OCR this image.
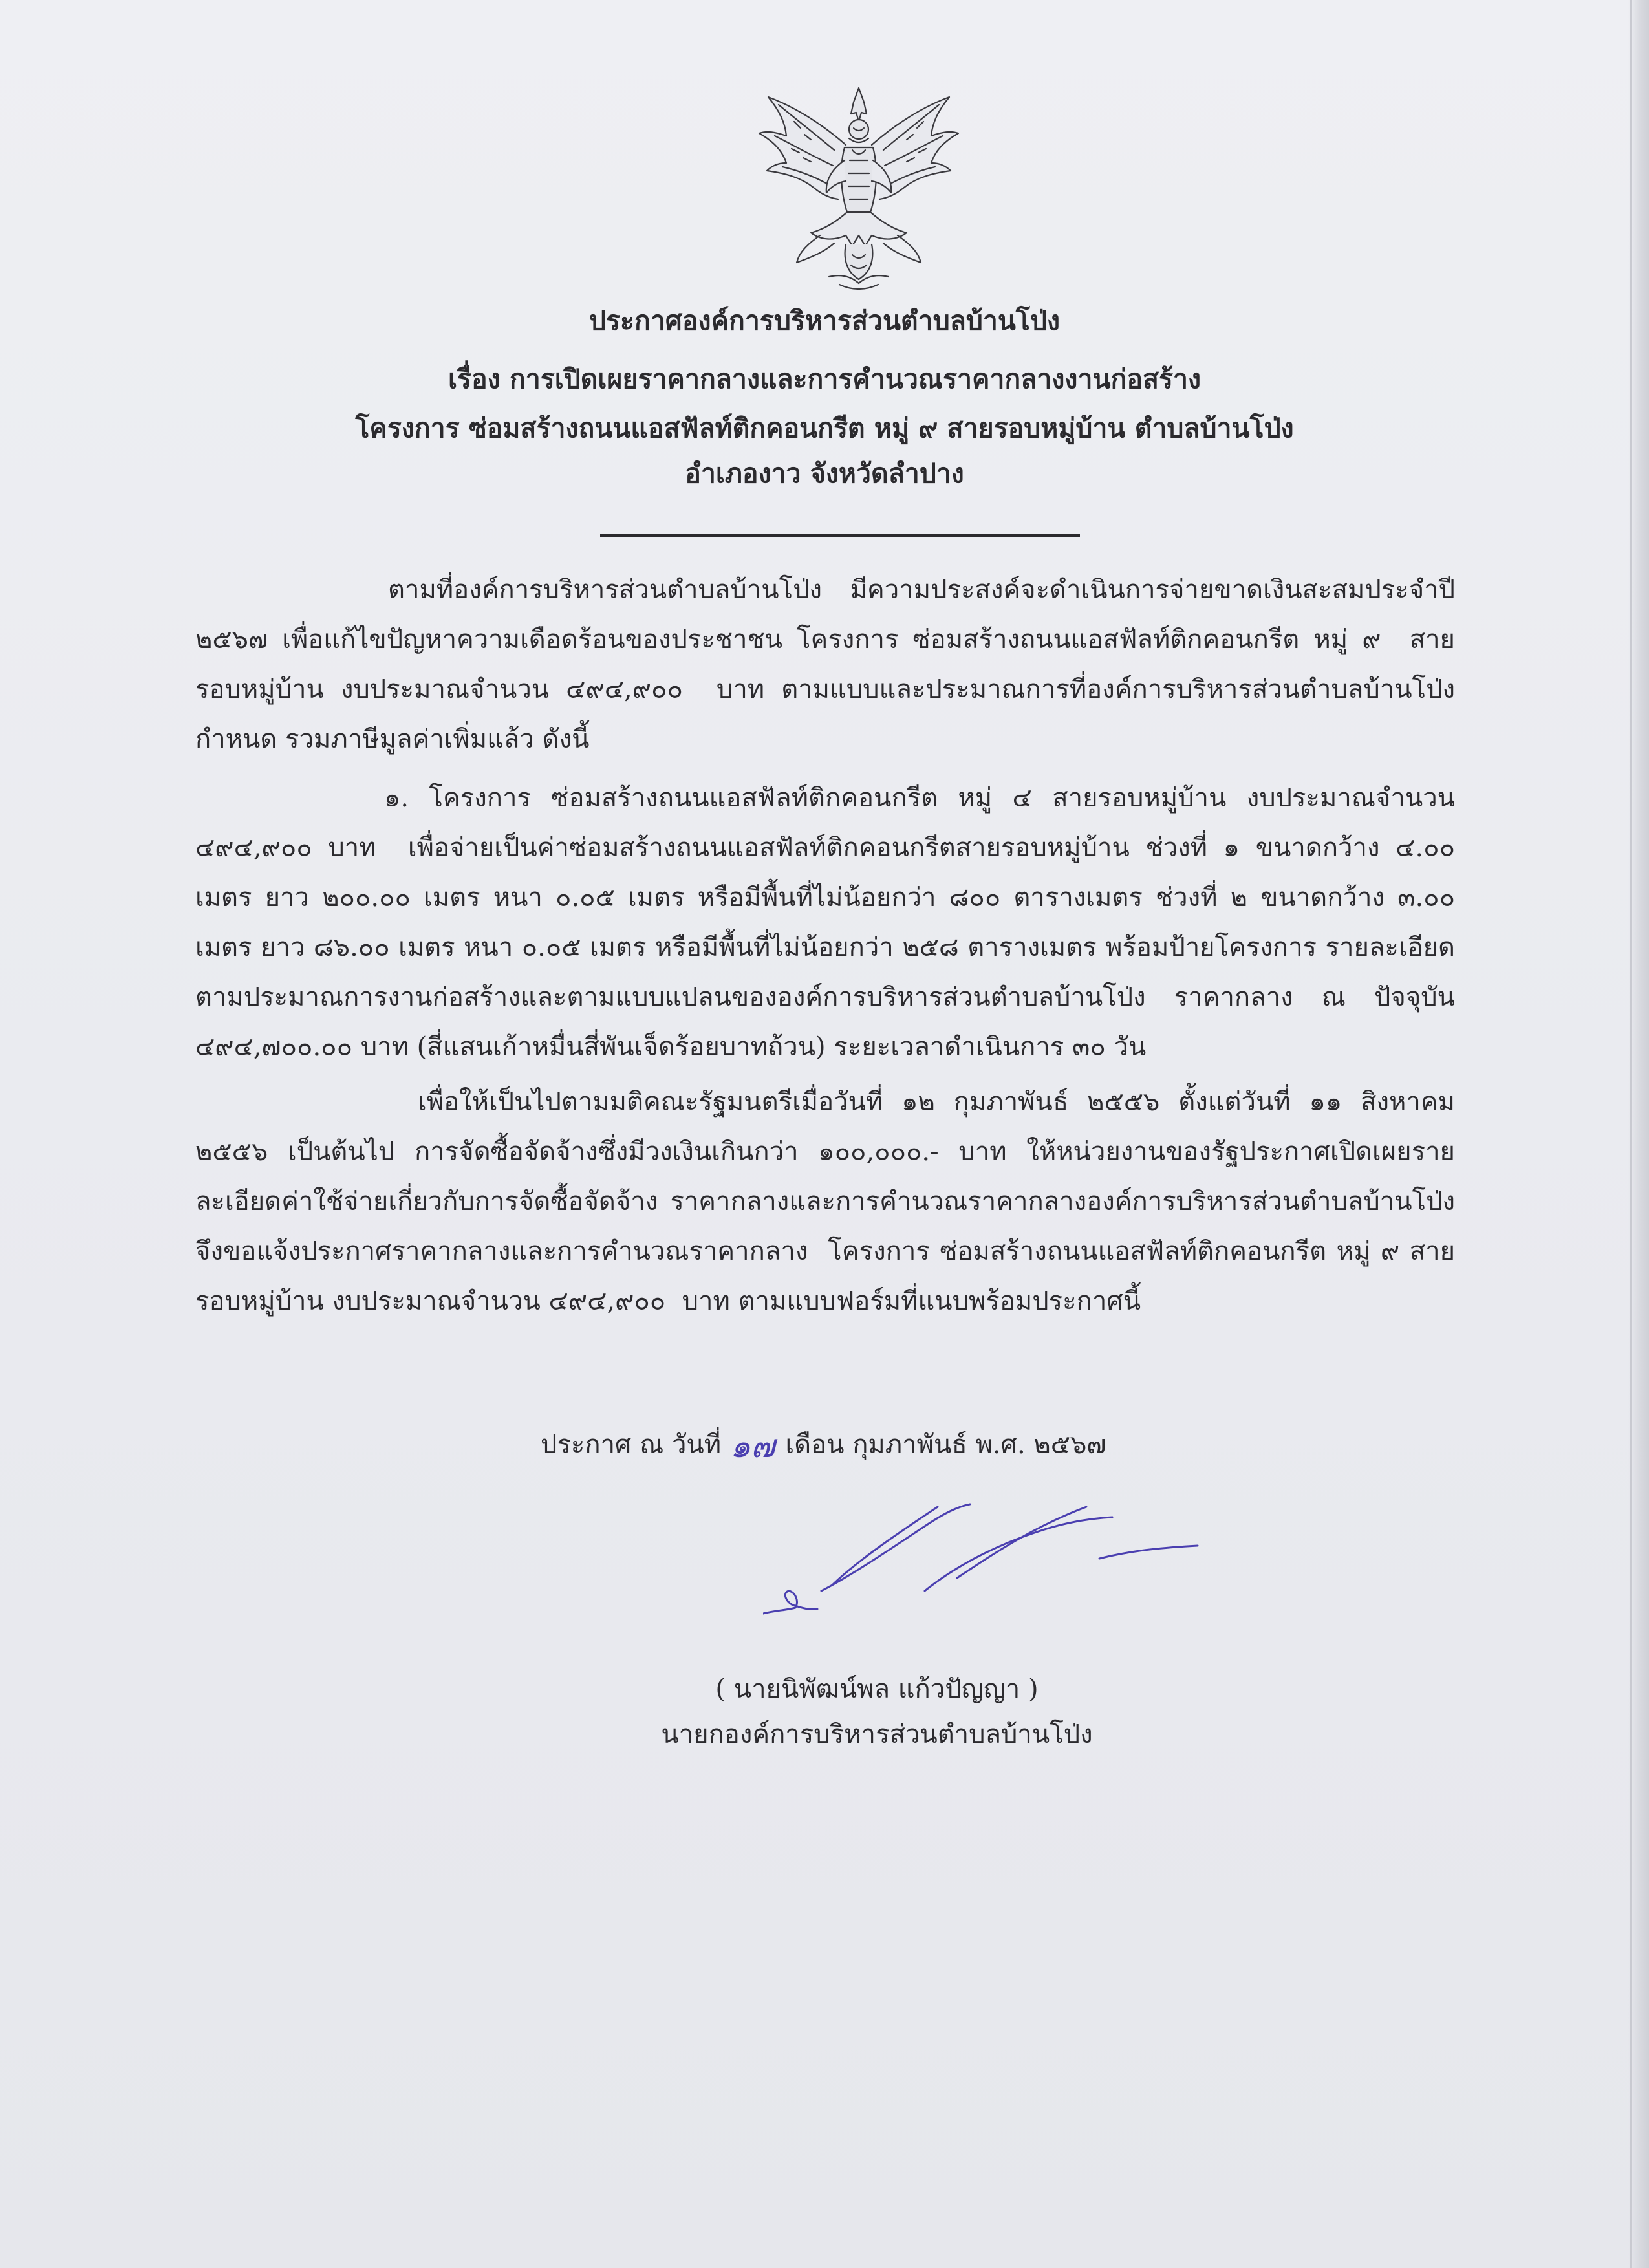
ประกาศองค์การบริหารส่วนตำบลบ้านโป่ง
เรื่อง การเปิดเผยราคากลางและการคำนวณราคากลางงานก่อสร้าง
โครงการ ซ่อมสร้างถนนแอสฟัลท์ติกคอนกรีต หมู่ ๙ สายรอบหมู่บ้าน ตำบลบ้านโป่ง
อำเภองาว จังหวัดลำปาง
ตามที่องค์การบริหารส่วนตำบลบ้านโป่ง มีความประสงค์จะดำเนินการจ่ายขาดเงินสะสมประจำปี ๒๕๖๗ เพื่อแก้ไขปัญหาความเดือดร้อนของประชาชน โครงการ ซ่อมสร้างถนนแอสฟัลท์ติกคอนกรีต หมู่ ๙  สายรอบหมู่บ้าน งบประมาณจำนวน ๔๙๔,๙๐๐  บาท ตามแบบและประมาณการที่องค์การบริหารส่วนตำบลบ้านโป่งกำหนด รวมภาษีมูลค่าเพิ่มแล้ว ดังนี้
๑. โครงการ ซ่อมสร้างถนนแอสฟัลท์ติกคอนกรีต หมู่ ๔ สายรอบหมู่บ้าน งบประมาณจำนวน ๔๙๔,๙๐๐ บาท  เพื่อจ่ายเป็นค่าซ่อมสร้างถนนแอสฟัลท์ติกคอนกรีตสายรอบหมู่บ้าน ช่วงที่ ๑ ขนาดกว้าง ๔.๐๐ เมตร ยาว ๒๐๐.๐๐ เมตร หนา ๐.๐๕ เมตร หรือมีพื้นที่ไม่น้อยกว่า ๘๐๐ ตารางเมตร ช่วงที่ ๒ ขนาดกว้าง ๓.๐๐ เมตร ยาว ๘๖.๐๐ เมตร หนา ๐.๐๕ เมตร หรือมีพื้นที่ไม่น้อยกว่า ๒๕๘ ตารางเมตร พร้อมป้ายโครงการ รายละเอียดตามประมาณการงานก่อสร้างและตามแบบแปลนขององค์การบริหารส่วนตำบลบ้านโป่ง ราคากลาง ณ ปัจจุบัน ๔๙๔,๗๐๐.๐๐ บาท (สี่แสนเก้าหมื่นสี่พันเจ็ดร้อยบาทถ้วน) ระยะเวลาดำเนินการ ๓๐ วัน
เพื่อให้เป็นไปตามมติคณะรัฐมนตรีเมื่อวันที่ ๑๒ กุมภาพันธ์ ๒๕๕๖ ตั้งแต่วันที่ ๑๑ สิงหาคม ๒๕๕๖ เป็นต้นไป การจัดซื้อจัดจ้างซึ่งมีวงเงินเกินกว่า ๑๐๐,๐๐๐.- บาท ให้หน่วยงานของรัฐประกาศเปิดเผยรายละเอียดค่าใช้จ่ายเกี่ยวกับการจัดซื้อจัดจ้าง ราคากลางและการคำนวณราคากลางองค์การบริหารส่วนตำบลบ้านโป่ง จึงขอแจ้งประกาศราคากลางและการคำนวณราคากลาง  โครงการ ซ่อมสร้างถนนแอสฟัลท์ติกคอนกรีต หมู่ ๙ สายรอบหมู่บ้าน งบประมาณจำนวน ๔๙๔,๙๐๐  บาท ตามแบบฟอร์มที่แนบพร้อมประกาศนี้
ประกาศ ณ วันที่ ๑๗ เดือน กุมภาพันธ์ พ.ศ. ๒๕๖๗
( นายนิพัฒน์พล แก้วปัญญา )
นายกองค์การบริหารส่วนตำบลบ้านโป่ง
